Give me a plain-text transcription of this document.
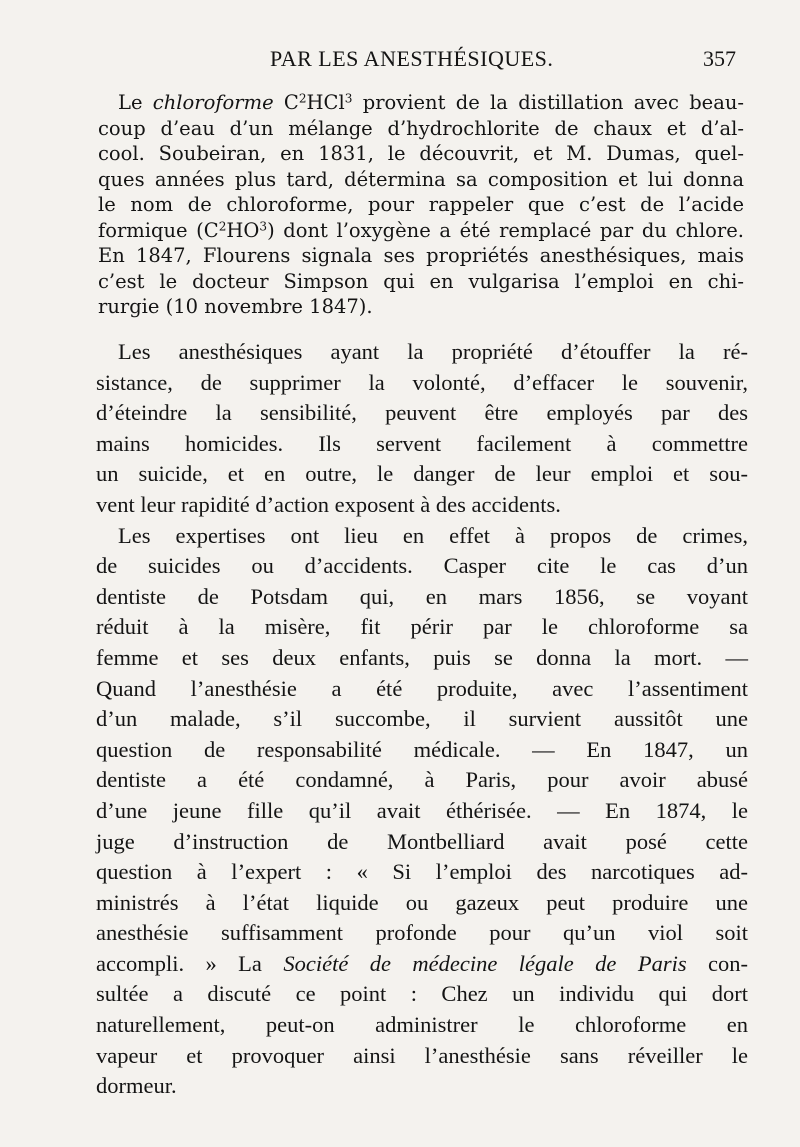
PAR LES ANESTHÉSIQUES.	357
Le chloroforme $C^2HCl^3$ provient de la distillation avec beau-
coup d’eau d’un mélange d’hydrochlorite de chaux et d’al-
cool. Soubeiran, en 1831, le découvrit, et M. Dumas, quel-
ques années plus tard, détermina sa composition et lui donna
le nom de chloroforme, pour rappeler que c’est de l’acide
formique $(C^2HO^3)$ dont l’oxygène a été remplacé par du chlore.
En 1847, Flourens signala ses propriétés anesthésiques, mais
c’est le docteur Simpson qui en vulgarisa l’emploi en chi-
rurgie (10 novembre 1847).
Les anesthésiques ayant la propriété d’étouffer la ré-
sistance, de supprimer la volonté, d’effacer le souvenir,
d’éteindre la sensibilité, peuvent être employés par des
mains homicides. Ils servent facilement à commettre
un suicide, et en outre, le danger de leur emploi et sou-
vent leur rapidité d’action exposent à des accidents.
Les expertises ont lieu en effet à propos de crimes,
de suicides ou d’accidents. Casper cite le cas d’un
dentiste de Potsdam qui, en mars 1856, se voyant
réduit à la misère, fit périr par le chloroforme sa
femme et ses deux enfants, puis se donna la mort. —
Quand l’anesthésie a été produite, avec l’assentiment
d’un malade, s’il succombe, il survient aussitôt une
question de responsabilité médicale. — En 1847, un
dentiste a été condamné, à Paris, pour avoir abusé
d’une jeune fille qu’il avait éthérisée. — En 1874, le
juge d’instruction de Montbelliard avait posé cette
question à l’expert : « Si l’emploi des narcotiques ad-
ministrés à l’état liquide ou gazeux peut produire une
anesthésie suffisamment profonde pour qu’un viol soit
accompli. » La Société de médecine légale de Paris con-
sultée a discuté ce point : Chez un individu qui dort
naturellement, peut-on administrer le chloroforme en
vapeur et provoquer ainsi l’anesthésie sans réveiller le
dormeur.
